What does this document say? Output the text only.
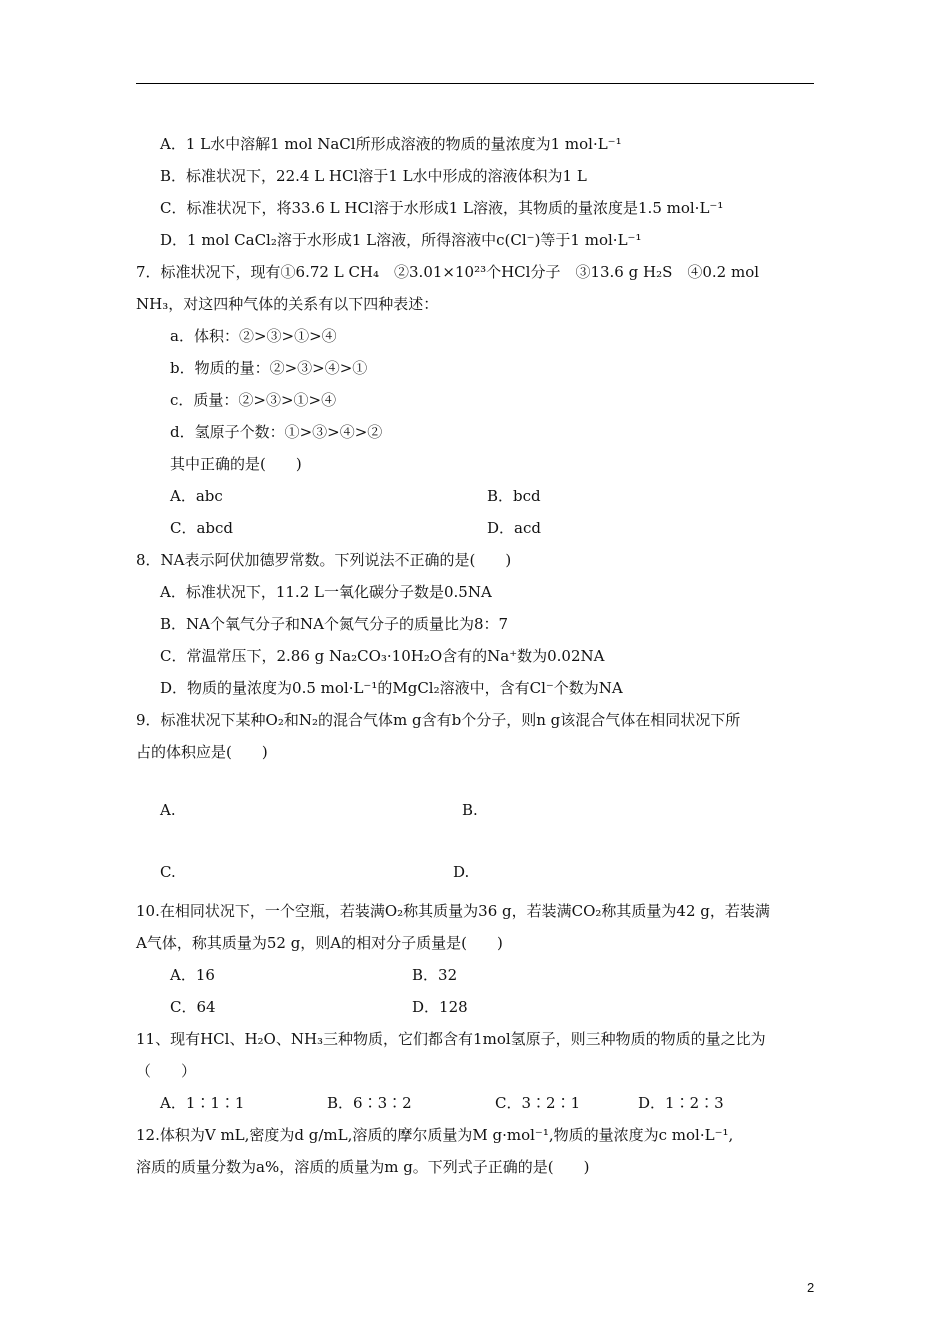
A．1 L水中溶解1 mol NaCl所形成溶液的物质的量浓度为1 mol·L⁻¹
B．标准状况下，22.4 L HCl溶于1 L水中形成的溶液体积为1 L
C．标准状况下，将33.6 L HCl溶于水形成1 L溶液，其物质的量浓度是1.5 mol·L⁻¹
D．1 mol CaCl₂溶于水形成1 L溶液，所得溶液中c(Cl⁻)等于1 mol·L⁻¹
7．标准状况下，现有①6.72 L CH₄　②3.01×10²³个HCl分子　③13.6 g H₂S　④0.2 mol
NH₃，对这四种气体的关系有以下四种表述：
a．体积：②>③>①>④
b．物质的量：②>③>④>①
c．质量：②>③>①>④
d．氢原子个数：①>③>④>②
其中正确的是(　　)
A．abc	B．bcd
C．abcd	D．acd
8．NA表示阿伏加德罗常数。下列说法不正确的是(　　)
A．标准状况下，11.2 L一氧化碳分子数是0.5NA
B．NA个氧气分子和NA个氮气分子的质量比为8：7
C．常温常压下，2.86 g Na₂CO₃·10H₂O含有的Na⁺数为0.02NA
D．物质的量浓度为0.5 mol·L⁻¹的MgCl₂溶液中，含有Cl⁻个数为NA
9．标准状况下某种O₂和N₂的混合气体m g含有b个分子，则n g该混合气体在相同状况下所
占的体积应是(　　)
A.	B.
C.	D.
10.在相同状况下，一个空瓶，若装满O₂称其质量为36 g，若装满CO₂称其质量为42 g，若装满
A气体，称其质量为52 g，则A的相对分子质量是(　　)
A．16	B．32
C．64	D．128
11、现有HCl、H₂O、NH₃三种物质，它们都含有1mol氢原子，则三种物质的物质的量之比为
（　　）
A．1∶1∶1	B．6∶3∶2	C．3∶2∶1	D．1∶2∶3
12.体积为V mL,密度为d g/mL,溶质的摩尔质量为M g·mol⁻¹,物质的量浓度为c mol·L⁻¹,
溶质的质量分数为a%，溶质的质量为m g。下列式子正确的是(　　)
2
